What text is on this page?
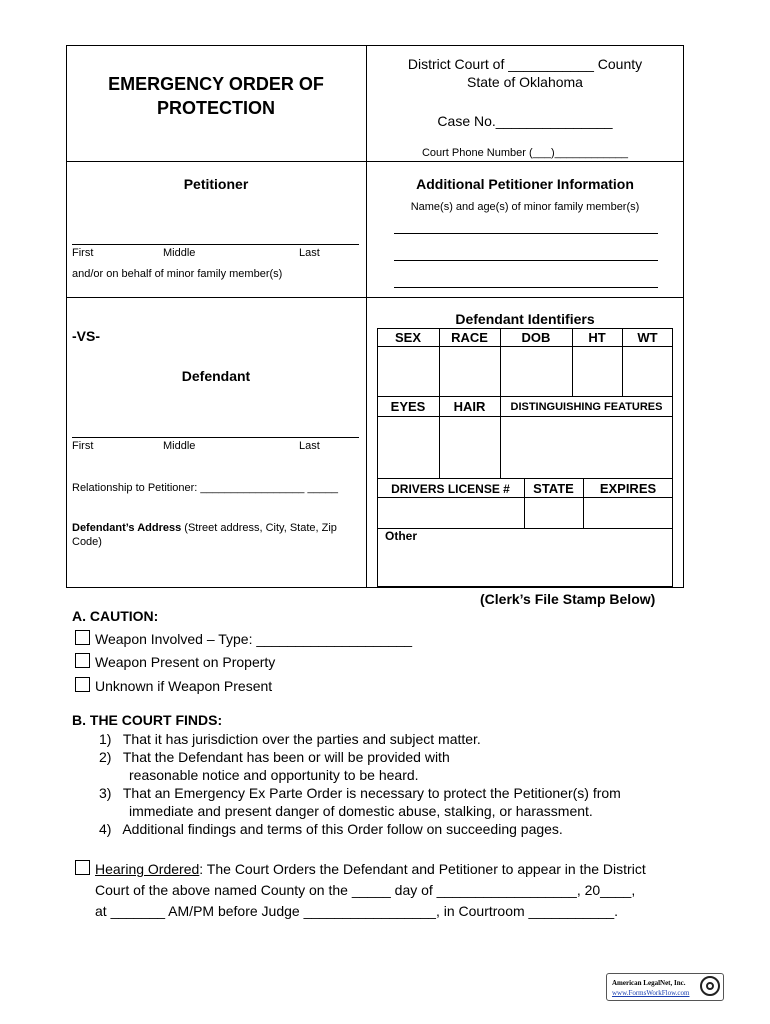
EMERGENCY ORDER OF
PROTECTION
District Court of ___________ County
State of Oklahoma
Case No._______________
Court Phone Number (___)____________
Petitioner
First	Middle	Last
and/or on behalf of minor family member(s)
Additional Petitioner Information
Name(s) and age(s) of minor family member(s)
-VS-
Defendant
First	Middle	Last
Relationship to Petitioner: _________________ _____
Defendant’s Address (Street address, City, State, Zip Code)
Defendant Identifiers
SEX	RACE	DOB	HT	WT
EYES	HAIR	DISTINGUISHING FEATURES
DRIVERS LICENSE #	STATE	EXPIRES
Other
(Clerk’s File Stamp Below)
A. CAUTION:
Weapon Involved – Type: ____________________
Weapon Present on Property
Unknown if Weapon Present
B. THE COURT FINDS:
1)   That it has jurisdiction over the parties and subject matter.
2)   That the Defendant has been or will be provided with
reasonable notice and opportunity to be heard.
3)   That an Emergency Ex Parte Order is necessary to protect the Petitioner(s) from
immediate and present danger of domestic abuse, stalking, or harassment.
4)   Additional findings and terms of this Order follow on succeeding pages.
Hearing Ordered: The Court Orders the Defendant and Petitioner to appear in the District
Court of the above named County on the _____ day of __________________, 20____,
at _______ AM/PM before Judge _________________, in Courtroom ___________.
American LegalNet, Inc.
www.FormsWorkFlow.com
